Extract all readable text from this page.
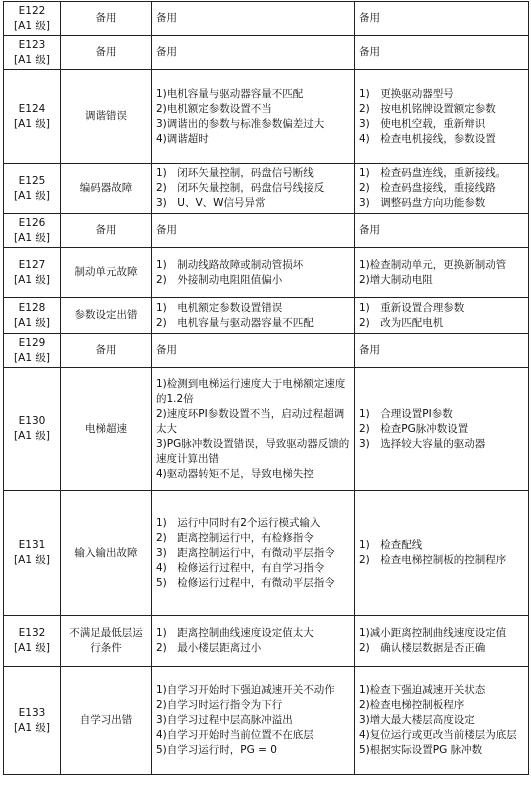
E122
[A1 级]	备用	备用	备用

E123
[A1 级]	备用	备用	备用

E124
[A1 级]	调谐错误	1)电机容量与驱动器容量不匹配
2)电机额定参数设置不当
3)调谐出的参数与标准参数偏差过大
4)调谐超时	1)　更换驱动器型号
2)　按电机铭牌设置额定参数
3)　使电机空载，重新辩识
4)　检查电机接线，参数设置

E125
[A1 级]	编码器故障	1)　闭环矢量控制，码盘信号断线
2)　闭环矢量控制，码盘信号线接反
3)　U、V、W信号异常	1)　检查码盘连线，重新接线。
2)　检查码盘接线，重接线路
3)　调整码盘方向功能参数

E126
[A1 级]	备用	备用	备用

E127
[A1 级]	制动单元故障	1)　制动线路故障或制动管损坏
2)　外接制动电阻阻值偏小	1)检查制动单元，更换新制动管
2)增大制动电阻

E128
[A1 级]	参数设定出错	1)　电机额定参数设置错误
2)　电机容量与驱动器容量不匹配	1)　重新设置合理参数
2)　改为匹配电机

E129
[A1 级]	备用	备用	备用

E130
[A1 级]	电梯超速	1)检测到电梯运行速度大于电梯额定速度的1.2倍
2)速度环PI参数设置不当，启动过程超调太大
3)PG脉冲数设置错误，导致驱动器反馈的速度计算出错
4)驱动器转矩不足，导致电梯失控	1)　合理设置PI参数
2)　检查PG脉冲数设置
3)　选择较大容量的驱动器

E131
[A1 级]	输入输出故障	1)　运行中同时有2个运行模式输入
2)　距离控制运行中，有检修指令
3)　距离控制运行中，有微动平层指令
4)　检修运行过程中，有自学习指令
5)　检修运行过程中，有微动平层指令	1)　检查配线
2)　检查电梯控制板的控制程序

E132
[A1 级]	不满足最低层运行条件	1)　距离控制曲线速度设定值太大
2)　最小楼层距离过小	1)减小距离控制曲线速度设定值
2)　确认楼层数据是否正确

E133
[A1 级]	自学习出错	1)自学习开始时下强迫减速开关不动作
2)自学习时运行指令为下行
3)自学习过程中层高脉冲溢出
4)自学习开始时当前位置不在底层
5)自学习运行时，PG = 0	1)检查下强迫减速开关状态
2)检查电梯控制板程序
3)增大最大楼层高度设定
4)复位运行或更改当前楼层为底层
5)根据实际设置PG 脉冲数
